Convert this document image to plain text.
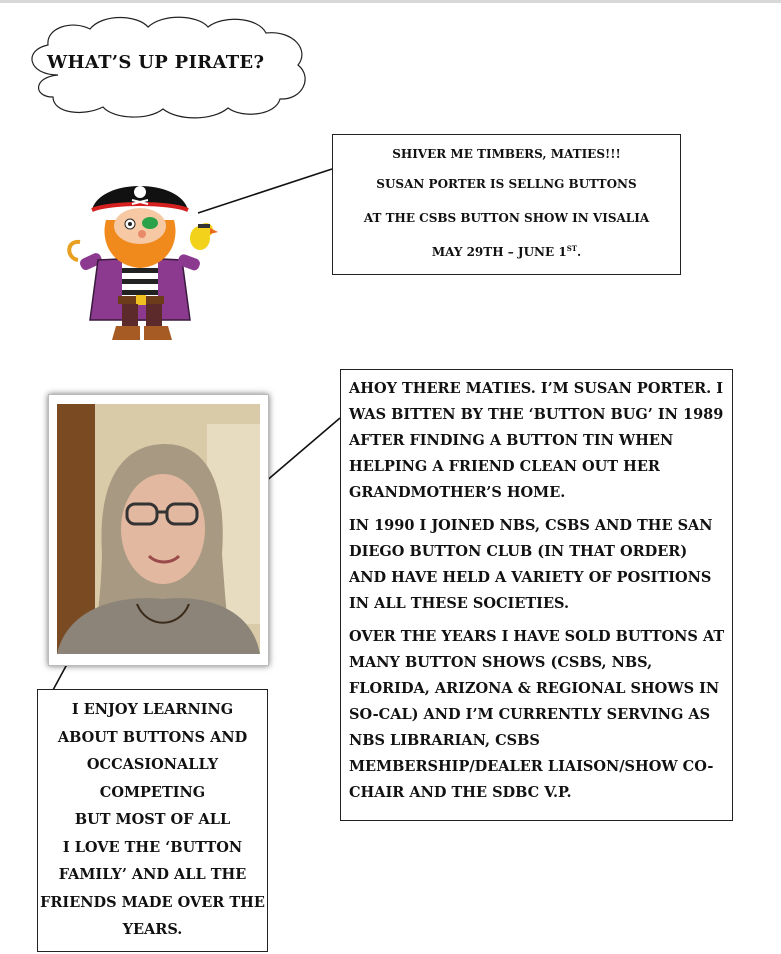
WHAT’S UP PIRATE?
SHIVER ME TIMBERS, MATIES!!!
SUSAN PORTER IS SELLNG BUTTONS
AT THE CSBS BUTTON SHOW IN VISALIA
MAY 29TH – JUNE 1ST.

AHOY THERE MATIES. I’M SUSAN PORTER. I WAS BITTEN BY THE ‘BUTTON BUG’ IN 1989 AFTER FINDING A BUTTON TIN WHEN HELPING A FRIEND CLEAN OUT HER GRANDMOTHER’S HOME.

IN 1990 I JOINED NBS, CSBS AND THE SAN DIEGO BUTTON CLUB (IN THAT ORDER) AND HAVE HELD A VARIETY OF POSITIONS IN ALL THESE SOCIETIES.

OVER THE YEARS I HAVE SOLD BUTTONS AT MANY BUTTON SHOWS (CSBS, NBS, FLORIDA, ARIZONA & REGIONAL SHOWS IN SO-CAL) AND I’M CURRENTLY SERVING AS NBS LIBRARIAN, CSBS MEMBERSHIP/DEALER LIAISON/SHOW CO-CHAIR AND THE SDBC V.P.

I ENJOY LEARNING
ABOUT BUTTONS AND
OCCASIONALLY
COMPETING
BUT MOST OF ALL
I LOVE THE ‘BUTTON
FAMILY’ AND ALL THE
FRIENDS MADE OVER THE
YEARS.
